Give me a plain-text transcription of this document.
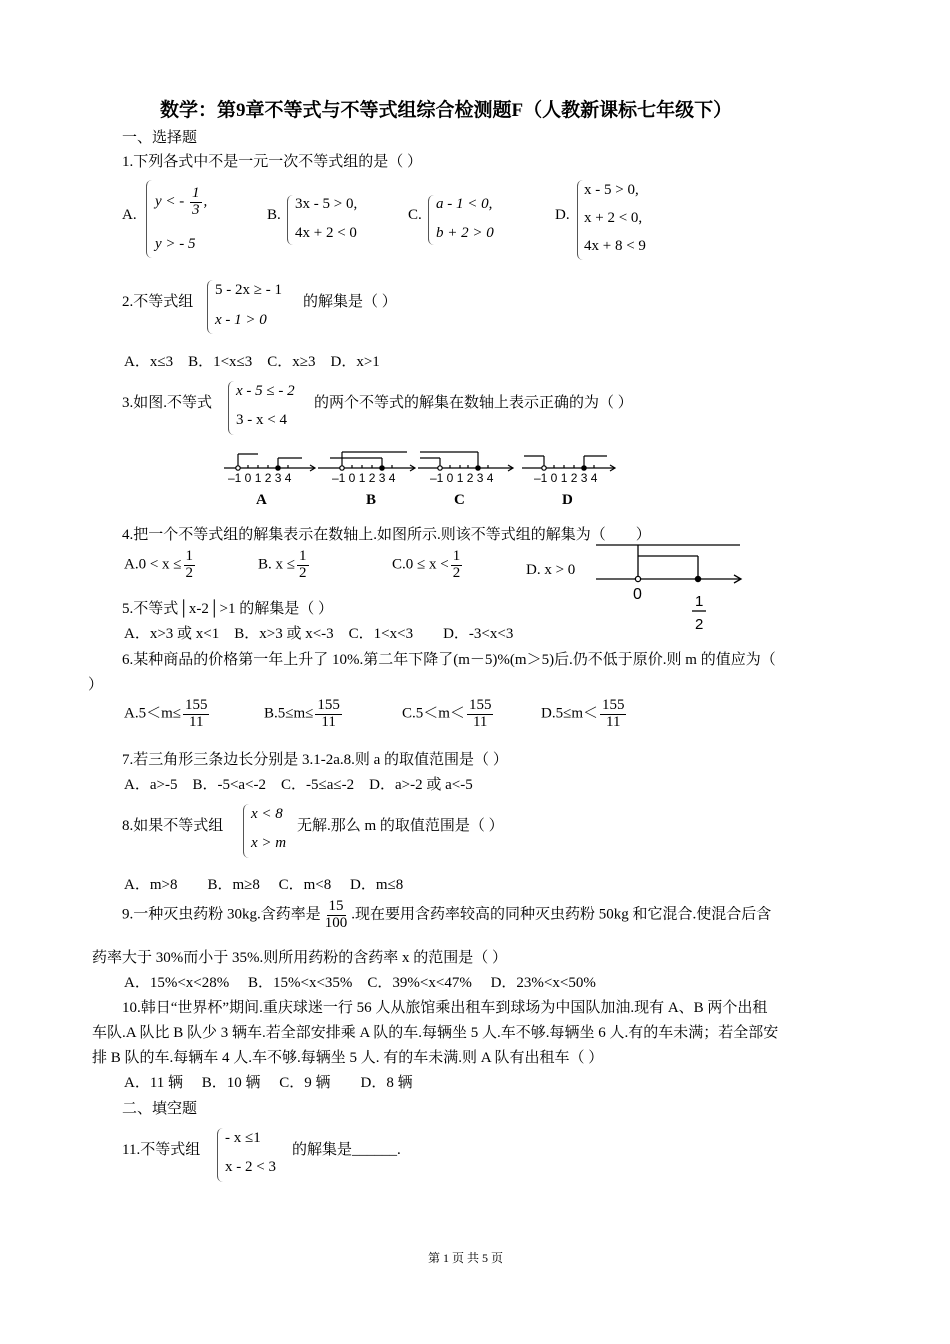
数学：第9章不等式与不等式组综合检测题F（人教新课标七年级下）
一、选择题
1.下列各式中不是一元一次不等式组的是（ ）
A.
y < - $\frac{1}{3}$ ,
y > - 5
B.
3x - 5 > 0,
4x + 2 < 0
C.
a - 1 < 0,
b + 2 > 0
D.
x - 5 > 0,
x + 2 < 0,
4x + 8 < 9
2.不等式组
5 - 2x ≥ - 1
x - 1 > 0
的解集是（ ）
A．x≤3　B．1<x≤3　C．x≥3　D．x>1
3.如图.不等式
x - 5 ≤ - 2
3 - x < 4
的两个不等式的解集在数轴上表示正确的为（ ）
–1 0 1 2 3 4	–1 0 1 2 3 4	–1 0 1 2 3 4	–1 0 1 2 3 4
A	B	C	D
4.把一个不等式组的解集表示在数轴上.如图所示.则该不等式组的解集为（　　）
$A.0 < x \le \frac{1}{2}$	B. $x \le \frac{1}{2}$	$C.0 \le x < \frac{1}{2}$	D. x > 0
0	1
2
5.不等式│x-2│>1 的解集是（ ）
A．x>3 或 x<1　B．x>3 或 x<-3　C．1<x<3　　D．-3<x<3
6.某种商品的价格第一年上升了 10%.第二年下降了(m－5)%(m＞5)后.仍不低于原价.则 m 的值应为（
）
$A.5<m\le \frac{155}{11}$	$B.5\le m\le \frac{155}{11}$	$C.5<m< \frac{155}{11}$	$D.5\le m< \frac{155}{11}$
7.若三角形三条边长分别是 3.1-2a.8.则 a 的取值范围是（ ）
A．a>-5　B．-5<a<-2　C．-5≤a≤-2　D．a>-2 或 a<-5
8.如果不等式组
x < 8
x > m
无解.那么 m 的取值范围是（ ）
A．m>8　　B．m≥8　 C．m<8　 D．m≤8
9.一种灭虫药粉 30kg.含药率是 $\frac{15}{100}$ .现在要用含药率较高的同种灭虫药粉 50kg 和它混合.使混合后含
药率大于 30%而小于 35%.则所用药粉的含药率 x 的范围是（ ）
A．15%<x<28%　 B．15%<x<35%　C．39%<x<47%　 D．23%<x<50%
10.韩日“世界杯”期间.重庆球迷一行 56 人从旅馆乘出租车到球场为中国队加油.现有 A、B 两个出租
车队.A 队比 B 队少 3 辆车.若全部安排乘 A 队的车.每辆坐 5 人.车不够.每辆坐 6 人.有的车未满；若全部安
排 B 队的车.每辆车 4 人.车不够.每辆坐 5 人. 有的车未满.则 A 队有出租车（ ）
A．11 辆　 B．10 辆　 C．9 辆　　D．8 辆
二、填空题
11.不等式组
- x ≤1
x - 2 < 3
的解集是______.
第 1 页 共 5 页
